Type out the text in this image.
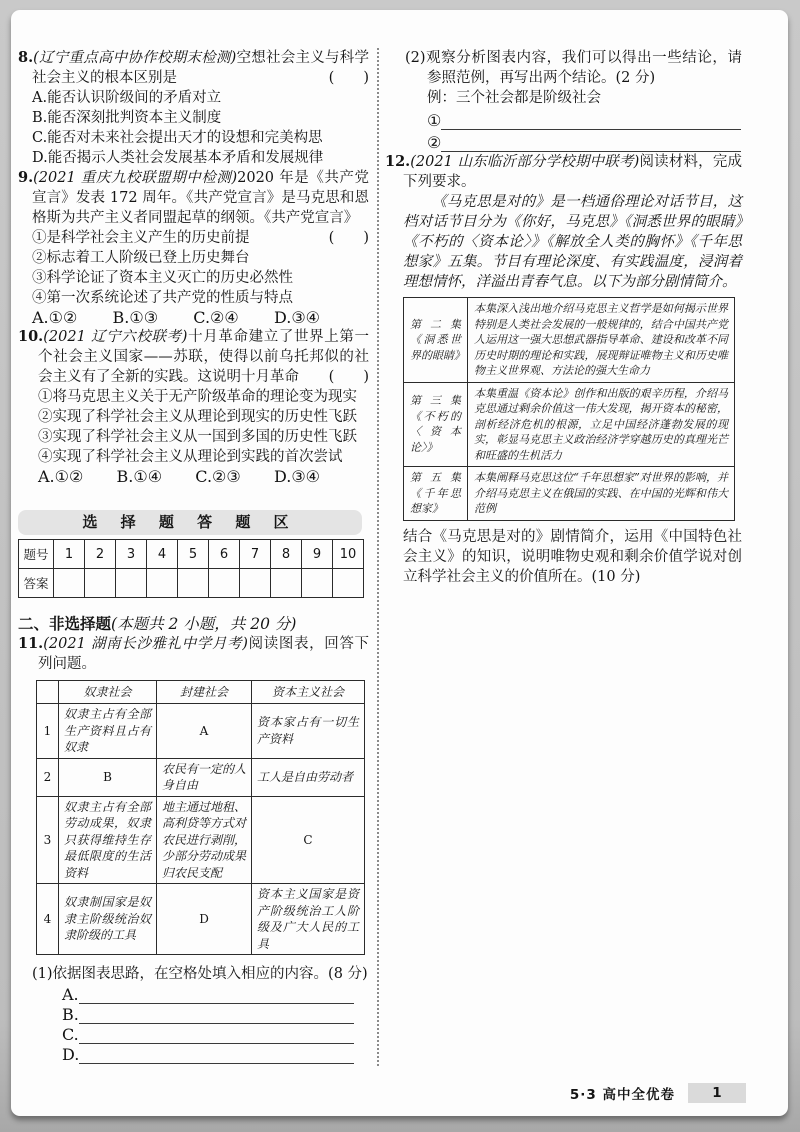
8.(辽宁重点高中协作校期末检测)空想社会主义与科学社会主义的根本区别是	(　　)

A.能否认识阶级间的矛盾对立

B.能否深刻批判资本主义制度

C.能否对未来社会提出天才的设想和完美构思

D.能否揭示人类社会发展基本矛盾和发展规律

9.(2021 重庆九校联盟期中检测)2020 年是《共产党宣言》发表 172 周年。《共产党宣言》是马克思和恩格斯为共产主义者同盟起草的纲领。《共产党宣言》
(　　)

①是科学社会主义产生的历史前提

②标志着工人阶级已登上历史舞台

③科学论证了资本主义灭亡的历史必然性

④第一次系统论述了共产党的性质与特点

A.①② B.①③ C.②④ D.③④

10.(2021 辽宁六校联考)十月革命建立了世界上第一个社会主义国家——苏联，使得以前乌托邦似的社会主义有了全新的实践。这说明十月革命 (　　)

①将马克思主义关于无产阶级革命的理论变为现实

②实现了科学社会主义从理论到现实的历史性飞跃

③实现了科学社会主义从一国到多国的历史性飞跃

④实现了科学社会主义从理论到实践的首次尝试

A.①② B.①④ C.②③ D.③④
选 择 题 答 题 区
题号	1	2	3	4	5	6	7	8	9	10
答案										

二、非选择题(本题共 2 小题，共 20 分)

11.(2021 湖南长沙雅礼中学月考)阅读图表，回答下列问题。

	奴隶社会	封建社会	资本主义社会
1	奴隶主占有全部生产资料且占有奴隶	A	资本家占有一切生产资料
2	B	农民有一定的人身自由	工人是自由劳动者
3	奴隶主占有全部劳动成果，奴隶只获得维持生存最低限度的生活资料	地主通过地租、高利贷等方式对农民进行剥削，少部分劳动成果归农民支配	C
4	奴隶制国家是奴隶主阶级统治奴隶阶级的工具	D	资本主义国家是资产阶级统治工人阶级及广大人民的工具

(1)依据图表思路，在空格处填入相应的内容。(8 分)

A.
B.
C.
D.

(2)观察分析图表内容，我们可以得出一些结论，请参照范例，再写出两个结论。(2 分)

例：三个社会都是阶级社会

①
②

12.(2021 山东临沂部分学校期中联考)阅读材料，完成下列要求。

《马克思是对的》是一档通俗理论对话节目，这档对话节目分为《你好，马克思》《洞悉世界的眼睛》《不朽的〈资本论〉》《解放全人类的胸怀》《千年思想家》五集。节目有理论深度、有实践温度，浸润着理想情怀，洋溢出青春气息。以下为部分剧情简介。

第二集《洞悉世界的眼睛》	本集深入浅出地介绍马克思主义哲学是如何揭示世界特别是人类社会发展的一般规律的，结合中国共产党人运用这一强大思想武器指导革命、建设和改革不同历史时期的理论和实践，展现辩证唯物主义和历史唯物主义世界观、方法论的强大生命力
第三集《不朽的〈资本论〉》	本集重温《资本论》创作和出版的艰辛历程，介绍马克思通过剩余价值这一伟大发现，揭开资本的秘密，剖析经济危机的根源，立足中国经济蓬勃发展的现实，彰显马克思主义政治经济学穿越历史的真理光芒和旺盛的生机活力
第五集《千年思想家》	本集阐释马克思这位“千年思想家”对世界的影响，并介绍马克思主义在俄国的实践、在中国的光辉和伟大范例

结合《马克思是对的》剧情简介，运用《中国特色社会主义》的知识，说明唯物史观和剩余价值学说对创立科学社会主义的价值所在。(10 分)

5·3 高中全优卷	1
